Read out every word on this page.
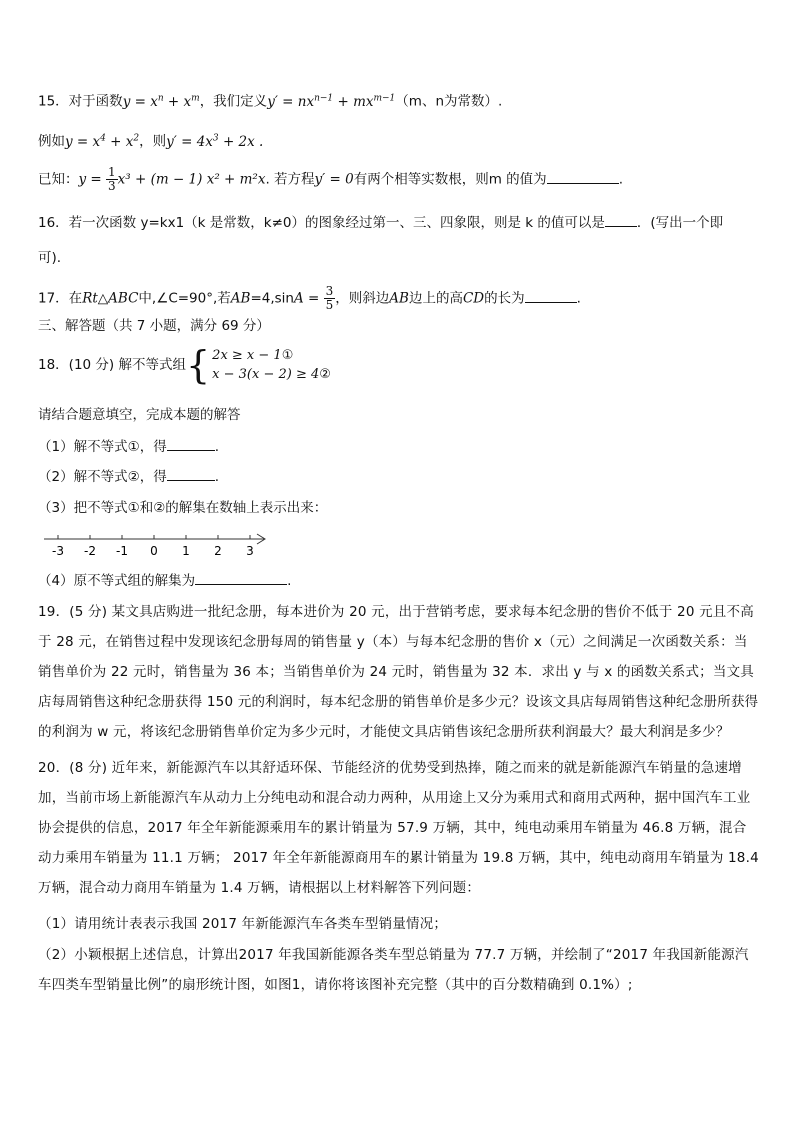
15．对于函数$y = x^n + x^m$，我们定义$y' = nx^{n-1} + mx^{m-1}(m$、n为常数）.
例如$y = x^4 + x^2$，则$y' = 4x^3 + 2x$ .
已知：$y = \frac{1}{3} x^3 + (m - 1) x^2 + m^2x$. 若方程y′ = 0有两个相等实数根，则m 的值为	.
16．若一次函数 y=kx1（k 是常数，k≠0）的图象经过第一、三、四象限，则是 k 的值可以是 ．(写出一个即
可).
17．在Rt△ABC中,∠C=90°,若$AB=4,\sin A = \frac{3}{5}$ ，则斜边AB边上的高CD的长为	.
三、解答题（共 7 小题，满分 69 分）
18．(10 分) 解不等式组{ 2x ≥ x − 1①
x − 3(x − 2) ≥ 4②
请结合题意填空，完成本题的解答
（1）解不等式①，得	.
（2）解不等式②，得	.
（3）把不等式①和②的解集在数轴上表示出来：
-3 -2 -1 0 1 2 3
（4）原不等式组的解集为	.
19．(5 分) 某文具店购进一批纪念册，每本进价为 20 元，出于营销考虑，要求每本纪念册的售价不低于 20 元且不高于 28 元，在销售过程中发现该纪念册每周的销售量 y（本）与每本纪念册的售价 x（元）之间满足一次函数关系：当销售单价为 22 元时，销售量为 36 本；当销售单价为 24 元时，销售量为 32 本．求出 y 与 x 的函数关系式；当文具店每周销售这种纪念册获得 150 元的利润时，每本纪念册的销售单价是多少元？设该文具店每周销售这种纪念册所获得的利润为 w 元，将该纪念册销售单价定为多少元时，才能使文具店销售该纪念册所获利润最大？最大利润是多少？
20．(8 分) 近年来，新能源汽车以其舒适环保、节能经济的优势受到热捧，随之而来的就是新能源汽车销量的急速增加，当前市场上新能源汽车从动力上分纯电动和混合动力两种，从用途上又分为乘用式和商用式两种，据中国汽车工业协会提供的信息，2017 年全年新能源乘用车的累计销量为 57.9 万辆，其中，纯电动乘用车销量为 46.8 万辆，混合动力乘用车销量为 11.1 万辆； 2017 年全年新能源商用车的累计销量为 19.8 万辆，其中，纯电动商用车销量为 18.4 万辆，混合动力商用车销量为 1.4 万辆，请根据以上材料解答下列问题：
（1）请用统计表表示我国 2017 年新能源汽车各类车型销量情况；
（2）小颖根据上述信息，计算出2017 年我国新能源各类车型总销量为 77.7 万辆，并绘制了“2017 年我国新能源汽车四类车型销量比例”的扇形统计图，如图1，请你将该图补充完整（其中的百分数精确到 0.1%）;
